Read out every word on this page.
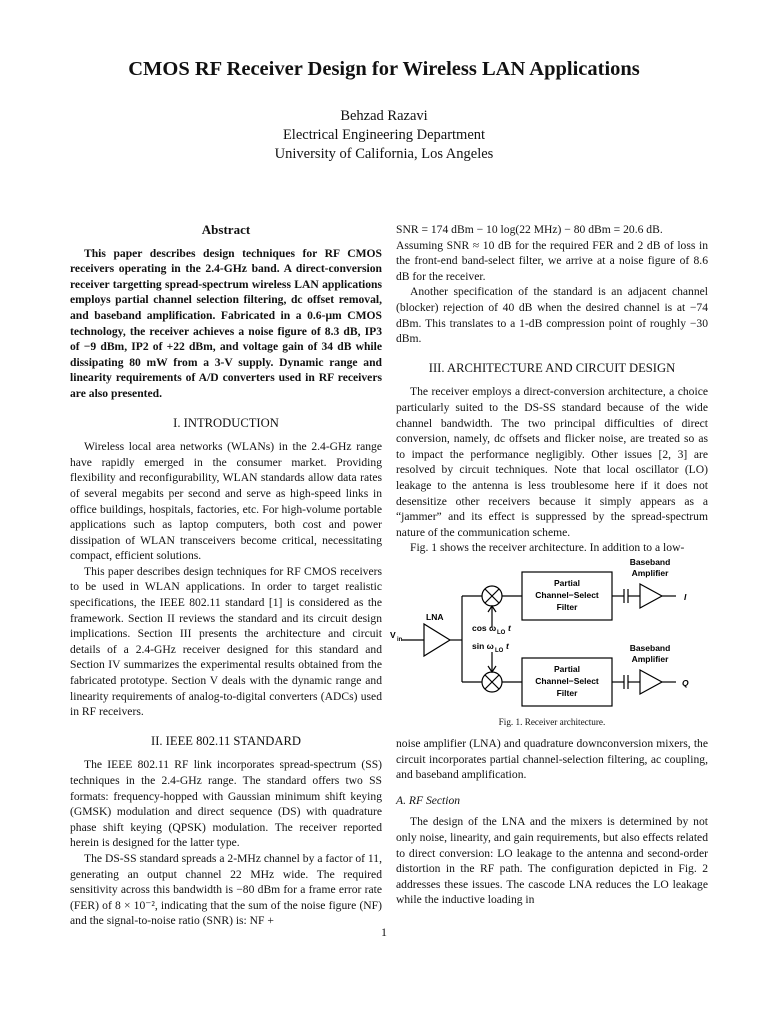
CMOS RF Receiver Design for Wireless LAN Applications
Behzad Razavi
Electrical Engineering Department
University of California, Los Angeles
Abstract

This paper describes design techniques for RF CMOS receivers operating in the 2.4-GHz band. A direct-conversion receiver targetting spread-spectrum wireless LAN applications employs partial channel selection filtering, dc offset removal, and baseband amplification. Fabricated in a 0.6-μm CMOS technology, the receiver achieves a noise figure of 8.3 dB, IP3 of −9 dBm, IP2 of +22 dBm, and voltage gain of 34 dB while dissipating 80 mW from a 3-V supply. Dynamic range and linearity requirements of A/D converters used in RF receivers are also presented.

I. INTRODUCTION

Wireless local area networks (WLANs) in the 2.4-GHz range have rapidly emerged in the consumer market. Providing flexibility and reconfigurability, WLAN standards allow data rates of several megabits per second and serve as high-speed links in office buildings, hospitals, factories, etc. For high-volume portable applications such as laptop computers, both cost and power dissipation of WLAN transceivers become critical, necessitating compact, efficient solutions.

This paper describes design techniques for RF CMOS receivers to be used in WLAN applications. In order to target realistic specifications, the IEEE 802.11 standard [1] is considered as the framework. Section II reviews the standard and its circuit design implications. Section III presents the architecture and circuit details of a 2.4-GHz receiver designed for this standard and Section IV summarizes the experimental results obtained from the fabricated prototype. Section V deals with the dynamic range and linearity requirements of analog-to-digital converters (ADCs) used in RF receivers.

II. IEEE 802.11 STANDARD

The IEEE 802.11 RF link incorporates spread-spectrum (SS) techniques in the 2.4-GHz range. The standard offers two SS formats: frequency-hopped with Gaussian minimum shift keying (GMSK) modulation and direct sequence (DS) with quadrature phase shift keying (QPSK) modulation. The receiver reported herein is designed for the latter type.

The DS-SS standard spreads a 2-MHz channel by a factor of 11, generating an output channel 22 MHz wide. The required sensitivity across this bandwidth is −80 dBm for a frame error rate (FER) of 8 × 10⁻², indicating that the sum of the noise figure (NF) and the signal-to-noise ratio (SNR) is: NF +

SNR = 174 dBm − 10 log(22 MHz) − 80 dBm = 20.6 dB.

Assuming SNR ≈ 10 dB for the required FER and 2 dB of loss in the front-end band-select filter, we arrive at a noise figure of 8.6 dB for the receiver.

Another specification of the standard is an adjacent channel (blocker) rejection of 40 dB when the desired channel is at −74 dBm. This translates to a 1-dB compression point of roughly −30 dBm.

III. ARCHITECTURE AND CIRCUIT DESIGN

The receiver employs a direct-conversion architecture, a choice particularly suited to the DS-SS standard because of the wide channel bandwidth. The two principal difficulties of direct conversion, namely, dc offsets and flicker noise, are treated so as to impact the performance negligibly. Other issues [2, 3] are resolved by circuit techniques. Note that local oscillator (LO) leakage to the antenna is less troublesome here if it does not desensitize other receivers because it simply appears as a “jammer” and its effect is suppressed by the spread-spectrum nature of the communication scheme.

Fig. 1 shows the receiver architecture. In addition to a low-

LNA
V in
Partial
Channel−Select
Filter
Partial
Channel−Select
Filter
Baseband
Amplifier
Baseband
Amplifier
I
Q
cos ω LO t
sin ω LO t
Fig. 1. Receiver architecture.

noise amplifier (LNA) and quadrature downconversion mixers, the circuit incorporates partial channel-selection filtering, ac coupling, and baseband amplification.

A. RF Section

The design of the LNA and the mixers is determined by not only noise, linearity, and gain requirements, but also effects related to direct conversion: LO leakage to the antenna and second-order distortion in the RF path. The configuration depicted in Fig. 2 addresses these issues. The cascode LNA reduces the LO leakage while the inductive loading in

1
